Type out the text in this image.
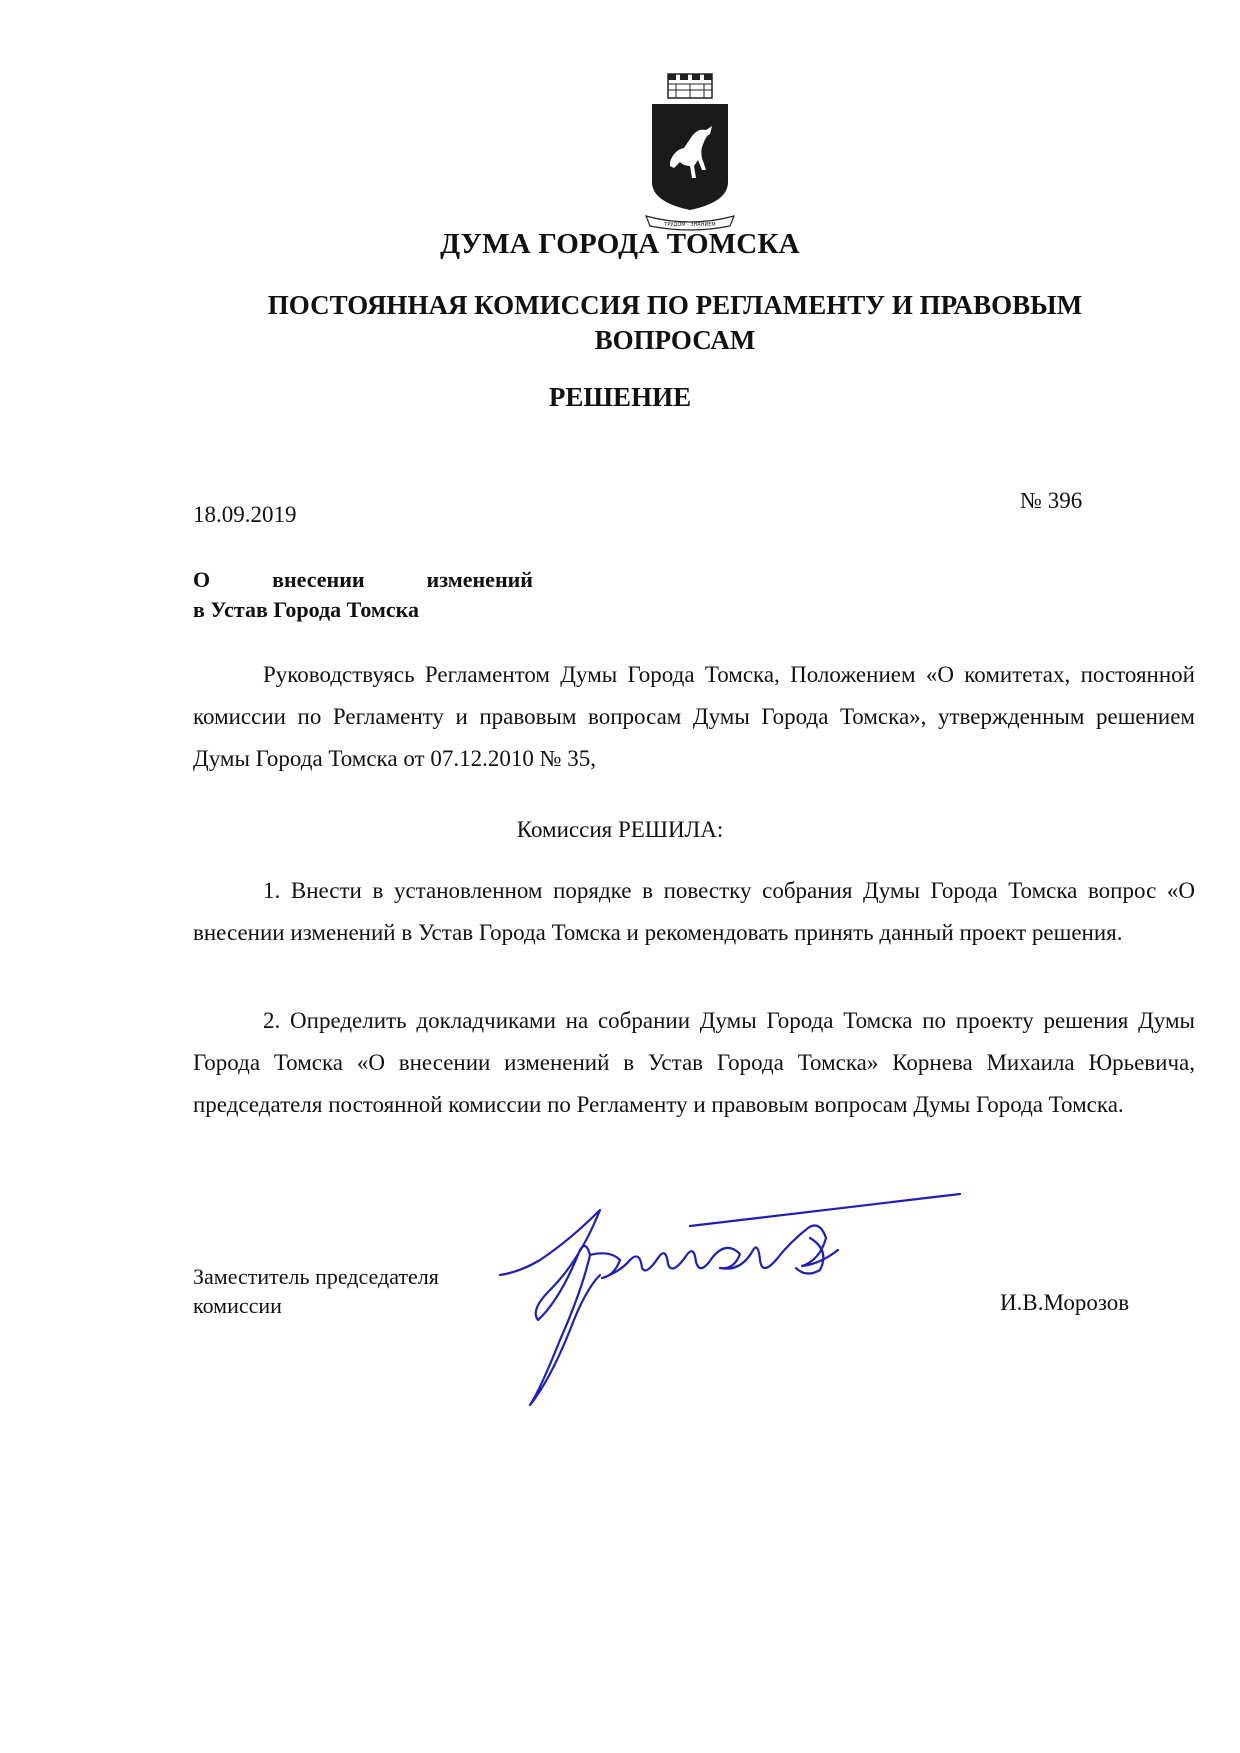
ТРУДОМ · ЗНАНИЕМ
ДУМА ГОРОДА ТОМСКА
ПОСТОЯННАЯ КОМИССИЯ ПО РЕГЛАМЕНТУ И ПРАВОВЫМ ВОПРОСАМ
РЕШЕНИЕ
18.09.2019
№ 396
О	внесении	изменений
в Устав Города Томска
Руководствуясь Регламентом Думы Города Томска, Положением «О комитетах, постоянной комиссии по Регламенту и правовым вопросам Думы Города Томска», утвержденным решением Думы Города Томска от 07.12.2010 № 35,
Комиссия РЕШИЛА:
1. Внести в установленном порядке в повестку собрания Думы Города Томска вопрос «О внесении изменений в Устав Города Томска и рекомендовать принять данный проект решения.
2. Определить докладчиками на собрании Думы Города Томска по проекту решения Думы Города Томска «О внесении изменений в Устав Города Томска» Корнева Михаила Юрьевича, председателя постоянной комиссии по Регламенту и правовым вопросам Думы Города Томска.
Заместитель председателя
комиссии	И.В.Морозов
